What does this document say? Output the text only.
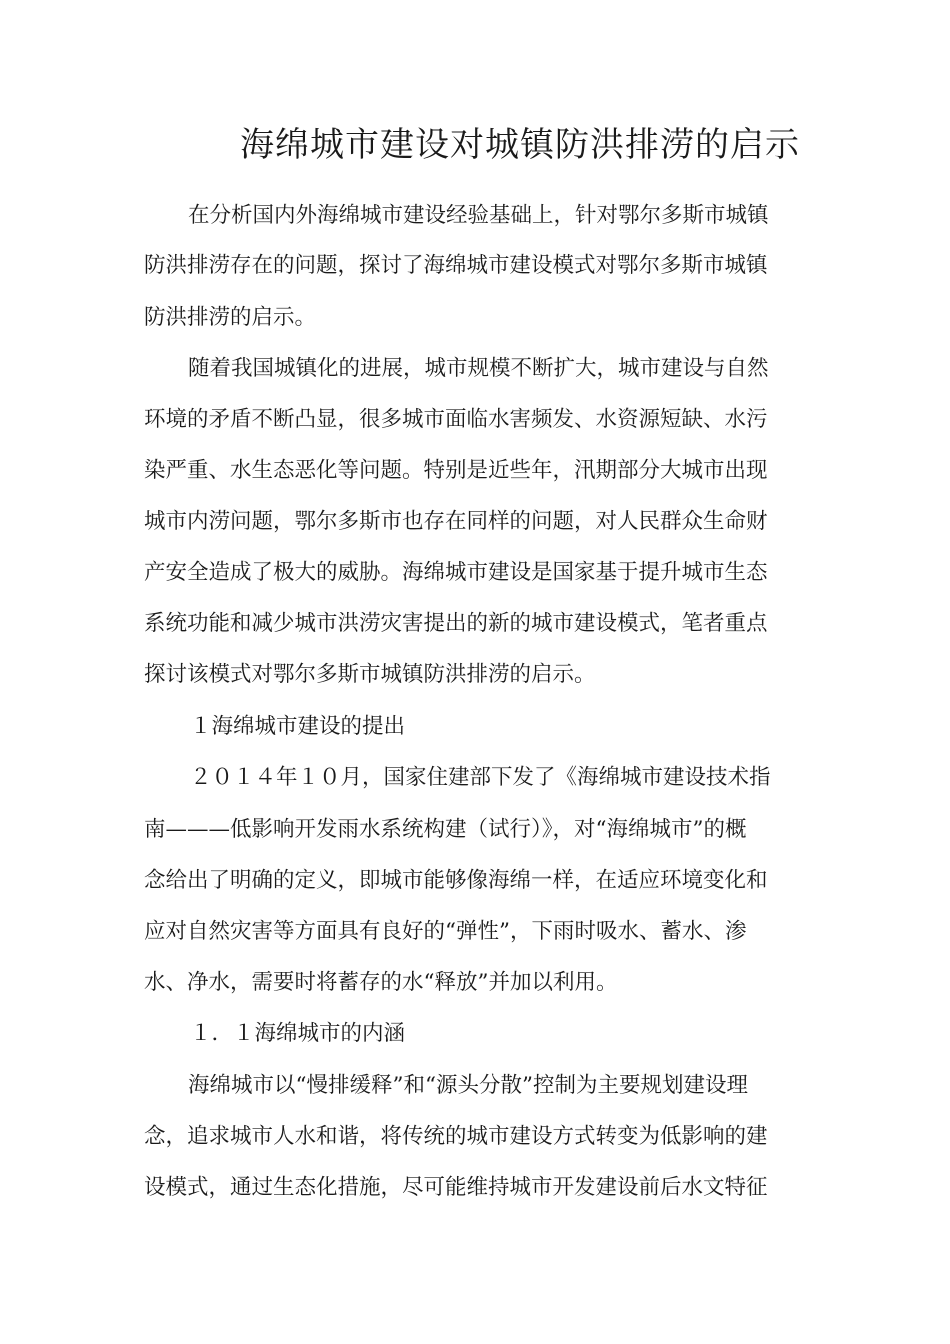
海绵城市建设对城镇防洪排涝的启示
在分析国内外海绵城市建设经验基础上，针对鄂尔多斯市城镇
防洪排涝存在的问题，探讨了海绵城市建设模式对鄂尔多斯市城镇
防洪排涝的启示。
随着我国城镇化的进展，城市规模不断扩大，城市建设与自然
环境的矛盾不断凸显，很多城市面临水害频发、水资源短缺、水污
染严重、水生态恶化等问题。特别是近些年，汛期部分大城市出现
城市内涝问题，鄂尔多斯市也存在同样的问题，对人民群众生命财
产安全造成了极大的威胁。海绵城市建设是国家基于提升城市生态
系统功能和减少城市洪涝灾害提出的新的城市建设模式，笔者重点
探讨该模式对鄂尔多斯市城镇防洪排涝的启示。
１海绵城市建设的提出
２０１４年１０月，国家住建部下发了《海绵城市建设技术指
南———低影响开发雨水系统构建（试行）》，对“海绵城市”的概
念给出了明确的定义，即城市能够像海绵一样，在适应环境变化和
应对自然灾害等方面具有良好的“弹性”，下雨时吸水、蓄水、渗
水、净水，需要时将蓄存的水“释放”并加以利用。
１．１海绵城市的内涵
海绵城市以“慢排缓释”和“源头分散”控制为主要规划建设理
念，追求城市人水和谐，将传统的城市建设方式转变为低影响的建
设模式，通过生态化措施，尽可能维持城市开发建设前后水文特征
